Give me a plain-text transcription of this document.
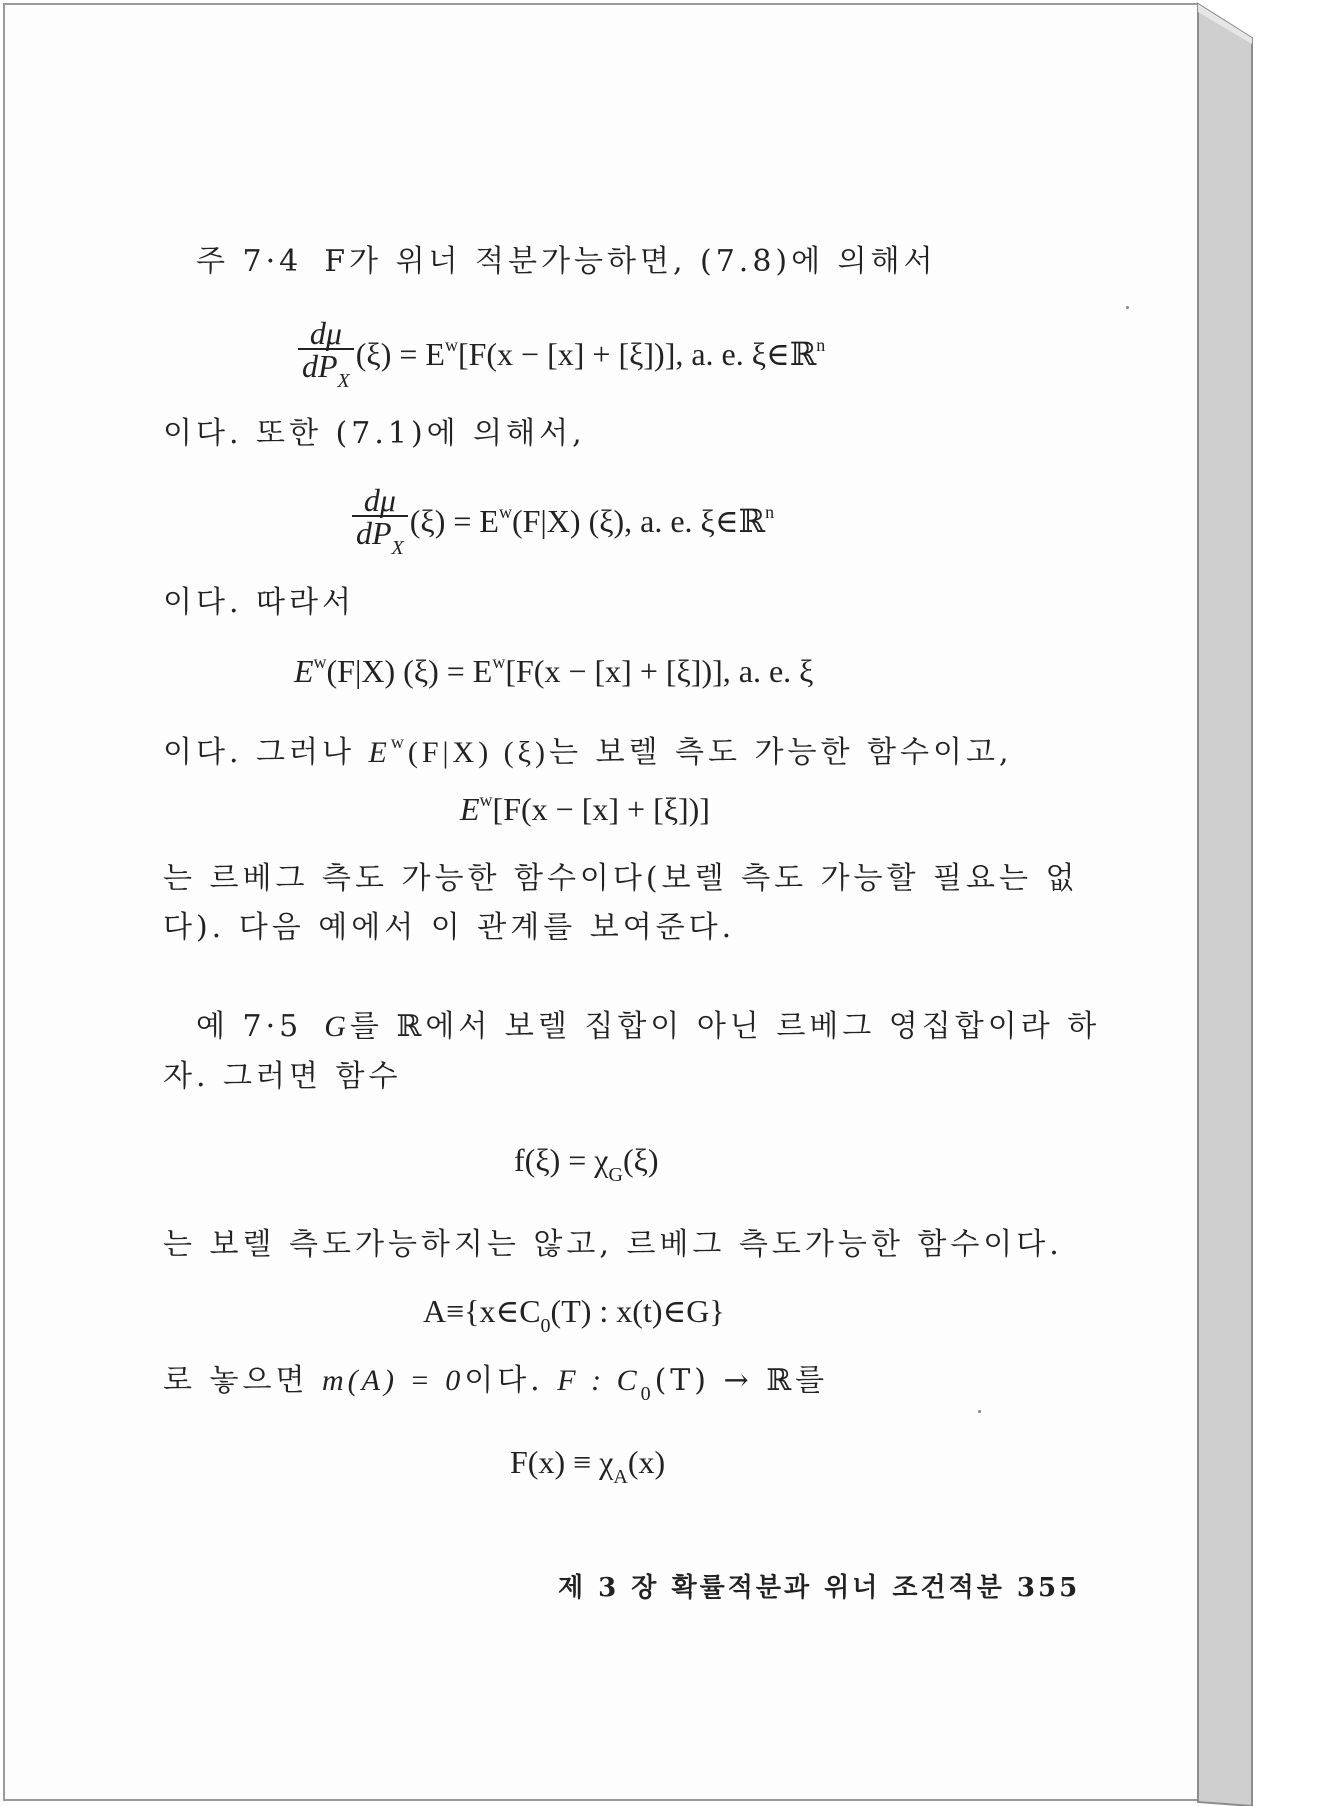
주 7·4 F가 위너 적분가능하면, (7.8)에 의해서
$\frac{d\mu}{dP_X} (\xi) = E^w[F(x - [x] + [\xi])]$, a. e. ξ∈ℝ$^n$
이다. 또한 (7.1)에 의해서,
$\frac{d\mu}{dP_X} (\xi) = E^w(F|X)$ (ξ), a. e. ξ∈ℝ$^n$
이다. 따라서
$E^w(F|X) (\xi) = E^w[F(x - [x] + [\xi])]$, a. e. ξ
이다. 그러나 $E^w(F|X)$ (ξ)는 보렐 측도 가능한 함수이고,
$E^w[F(x - [x] + [\xi])]$
는 르베그 측도 가능한 함수이다(보렐 측도 가능할 필요는 없
다). 다음 예에서 이 관계를 보여준다.
예 7·5 G를 ℝ에서 보렐 집합이 아닌 르베그 영집합이라 하
자. 그러면 함수
$f(\xi) = \chi_G(\xi)$
는 보렐 측도가능하지는 않고, 르베그 측도가능한 함수이다.
$A\equiv\{x\in C_0(T)$ : x(t)∈G}
로 놓으면 m(A) = 0이다. F : $C_0(T)$ → ℝ를
$F(x) \equiv \chi_A(x)$
제 3 장 확률적분과 위너 조건적분 355
